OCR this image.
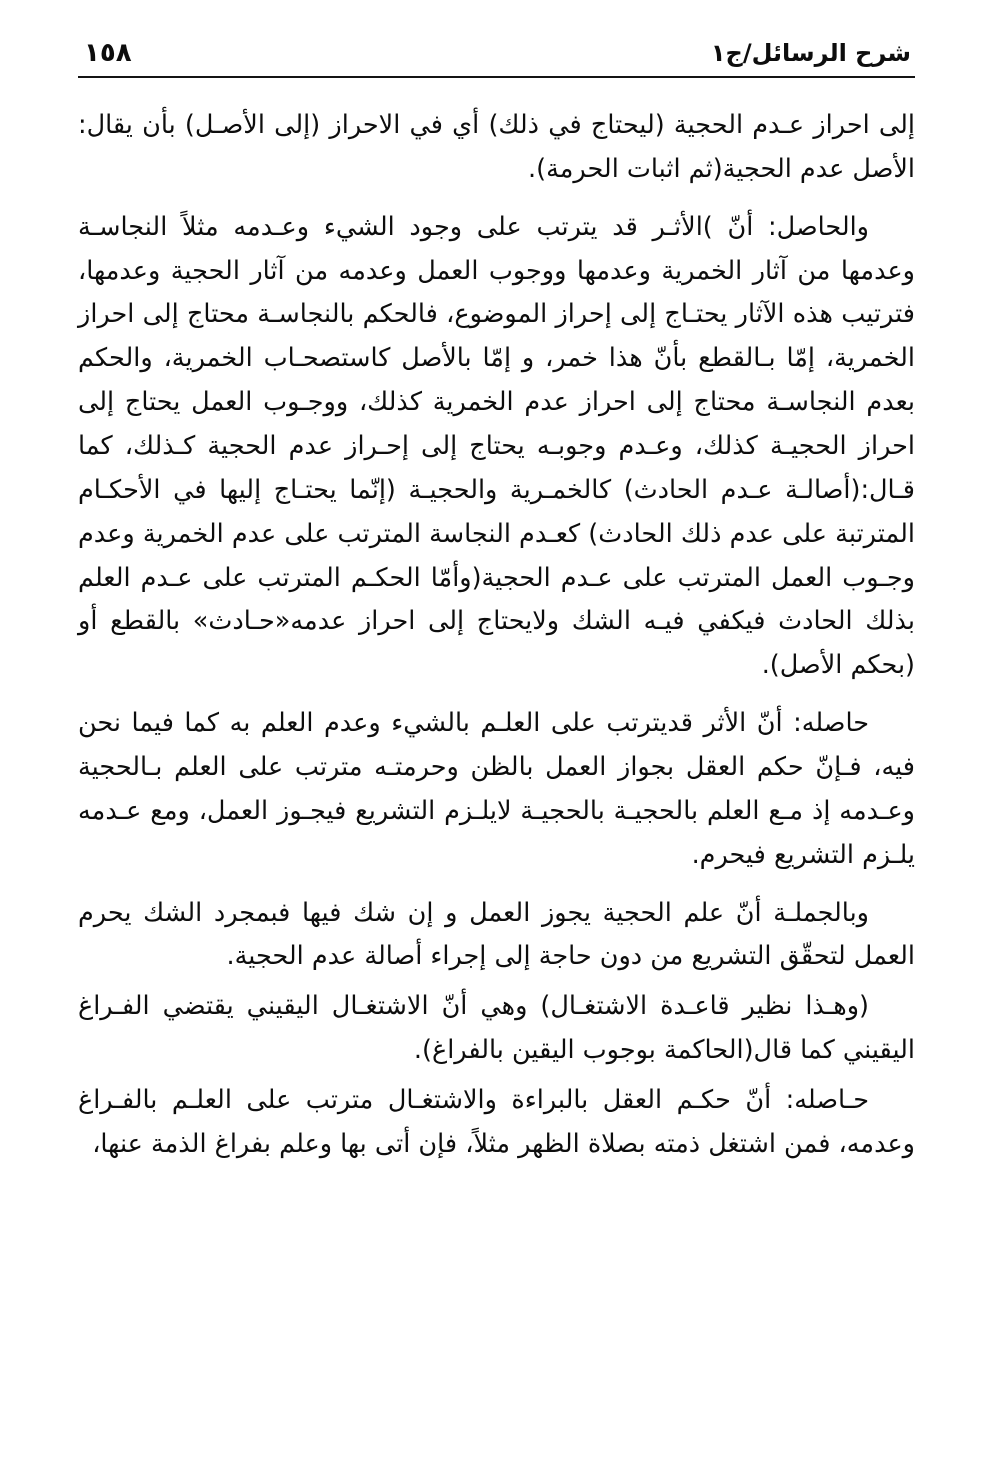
١٥٨	شرح الرسائل/ج١

إلى احراز عـدم الحجية (ليحتاج في ذلك) أي في الاحراز (إلى الأصـل) بأن يقال: الأصل عدم الحجية(ثم اثبات الحرمة).

والحاصل: أنّ )الأثـر قد يترتب على وجود الشيء وعـدمه مثلاً النجاسـة وعدمها من آثار الخمرية وعدمها ووجوب العمل وعدمه من آثار الحجية وعدمها، فترتيب هذه الآثار يحتـاج إلى إحراز الموضوع، فالحكم بالنجاسـة محتاج إلى احراز الخمرية، إمّا بـالقطع بأنّ هذا خمر، و إمّا بالأصل كاستصحـاب الخمرية، والحكم بعدم النجاسـة محتاج إلى احراز عدم الخمرية كذلك، ووجـوب العمل يحتاج إلى احراز الحجيـة كذلك، وعـدم وجوبـه يحتاج إلى إحـراز عدم الحجية كـذلك، كما قـال:(أصالـة عـدم الحادث) كالخمـرية والحجيـة (إنّما يحتـاج إليها في الأحكـام المترتبة على عدم ذلك الحادث) كعـدم النجاسة المترتب على عدم الخمرية وعدم وجـوب العمل المترتب على عـدم الحجية(وأمّا الحكـم المترتب على عـدم العلم بذلك الحادث فيكفي فيـه الشك ولايحتاج إلى احراز عدمه«حـادث» بالقطع أو (بحكم الأصل).

حاصله: أنّ الأثر قديترتب على العلـم بالشيء وعدم العلم به كما فيما نحن فيه، فـإنّ حكم العقل بجواز العمل بالظن وحرمتـه مترتب على العلم بـالحجية وعـدمه إذ مـع العلم بالحجيـة بالحجيـة لايلـزم التشريع فيجـوز العمل، ومع عـدمه يلـزم التشريع فيحرم.

وبالجملـة أنّ علم الحجية يجوز العمل و إن شك فيها فبمجرد الشك يحرم العمل لتحقّق التشريع من دون حاجة إلى إجراء أصالة عدم الحجية.

(وهـذا نظير قاعـدة الاشتغـال) وهي أنّ الاشتغـال اليقيني يقتضي الفـراغ اليقيني كما قال(الحاكمة بوجوب اليقين بالفراغ).

حـاصله: أنّ حكـم العقل بالبراءة والاشتغـال مترتب على العلـم بالفـراغ وعدمه، فمن اشتغل ذمته بصلاة الظهر مثلاً، فإن أتى بها وعلم بفراغ الذمة عنها،
